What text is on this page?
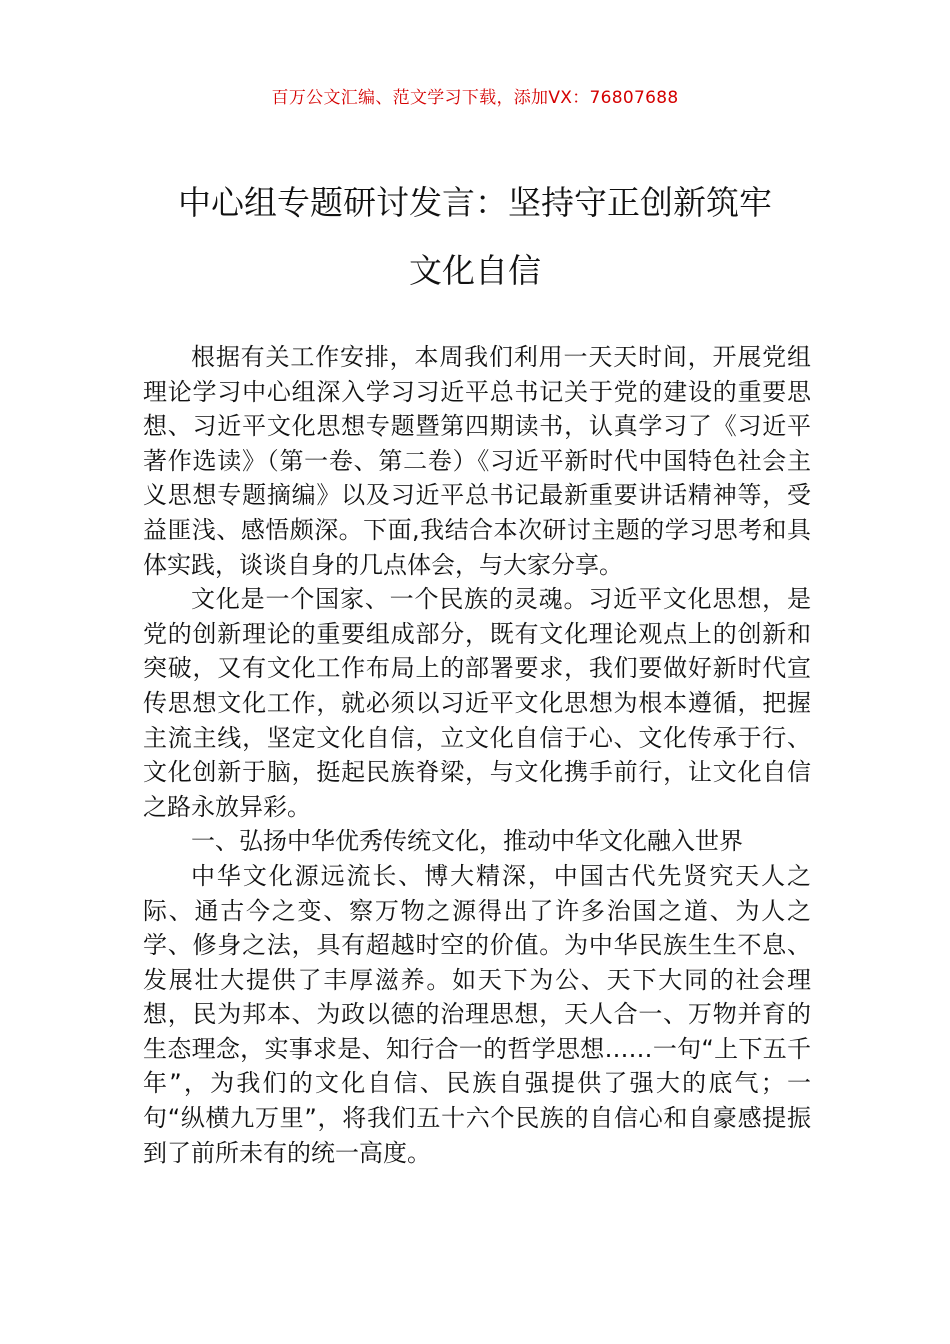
百万公文汇编、范文学习下载，添加VX：76807688
中心组专题研讨发言：坚持守正创新筑牢
文化自信

根据有关工作安排，本周我们利用一天天时间，开展党组理论学习中心组深入学习习近平总书记关于党的建设的重要思想、习近平文化思想专题暨第四期读书，认真学习了《习近平著作选读》（第一卷、第二卷）《习近平新时代中国特色社会主义思想专题摘编》以及习近平总书记最新重要讲话精神等，受益匪浅、感悟颇深。下面,我结合本次研讨主题的学习思考和具体实践，谈谈自身的几点体会，与大家分享。

文化是一个国家、一个民族的灵魂。习近平文化思想，是党的创新理论的重要组成部分，既有文化理论观点上的创新和突破，又有文化工作布局上的部署要求，我们要做好新时代宣传思想文化工作，就必须以习近平文化思想为根本遵循，把握主流主线，坚定文化自信，立文化自信于心、文化传承于行、文化创新于脑，挺起民族脊梁，与文化携手前行，让文化自信之路永放异彩。

一、弘扬中华优秀传统文化，推动中华文化融入世界

中华文化源远流长、博大精深，中国古代先贤究天人之际、通古今之变、察万物之源得出了许多治国之道、为人之学、修身之法，具有超越时空的价值。为中华民族生生不息、发展壮大提供了丰厚滋养。如天下为公、天下大同的社会理想，民为邦本、为政以德的治理思想，天人合一、万物并育的生态理念，实事求是、知行合一的哲学思想……一句“上下五千年”，为我们的文化自信、民族自强提供了强大的底气；一句“纵横九万里”，将我们五十六个民族的自信心和自豪感提振到了前所未有的统一高度。
